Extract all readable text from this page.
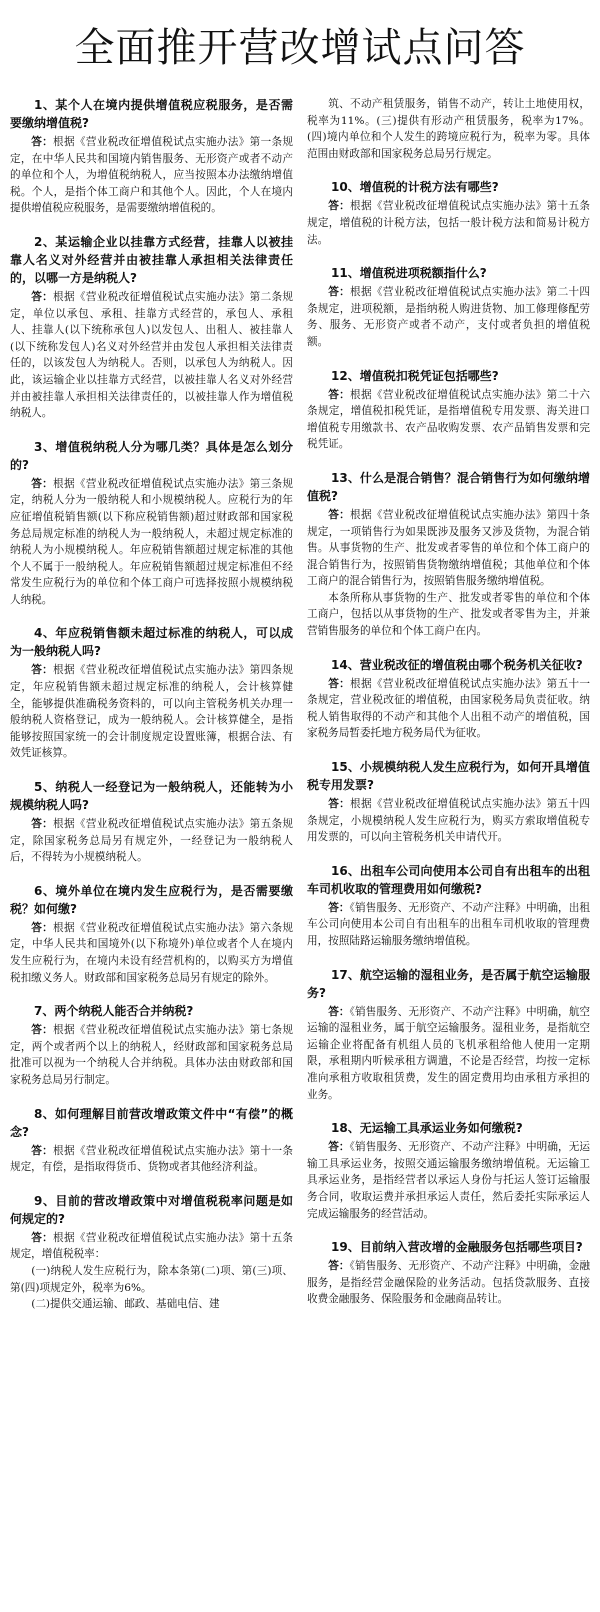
全面推开营改增试点问答

1、某个人在境内提供增值税应税服务，是否需要缴纳增值税?

答：根据《营业税改征增值税试点实施办法》第一条规定，在中华人民共和国境内销售服务、无形资产或者不动产的单位和个人，为增值税纳税人，应当按照本办法缴纳增值税。个人，是指个体工商户和其他个人。因此，个人在境内提供增值税应税服务，是需要缴纳增值税的。

2、某运输企业以挂靠方式经营，挂靠人以被挂靠人名义对外经营并由被挂靠人承担相关法律责任的，以哪一方是纳税人?

答：根据《营业税改征增值税试点实施办法》第二条规定，单位以承包、承租、挂靠方式经营的，承包人、承租人、挂靠人(以下统称承包人)以发包人、出租人、被挂靠人(以下统称发包人)名义对外经营并由发包人承担相关法律责任的，以该发包人为纳税人。否则，以承包人为纳税人。因此，该运输企业以挂靠方式经营，以被挂靠人名义对外经营并由被挂靠人承担相关法律责任的，以被挂靠人作为增值税纳税人。

3、增值税纳税人分为哪几类？具体是怎么划分的?

答：根据《营业税改征增值税试点实施办法》第三条规定，纳税人分为一般纳税人和小规模纳税人。应税行为的年应征增值税销售额(以下称应税销售额)超过财政部和国家税务总局规定标准的纳税人为一般纳税人，未超过规定标准的纳税人为小规模纳税人。年应税销售额超过规定标准的其他个人不属于一般纳税人。年应税销售额超过规定标准但不经常发生应税行为的单位和个体工商户可选择按照小规模纳税人纳税。

4、年应税销售额未超过标准的纳税人，可以成为一般纳税人吗?

答：根据《营业税改征增值税试点实施办法》第四条规定，年应税销售额未超过规定标准的纳税人，会计核算健全，能够提供准确税务资料的，可以向主管税务机关办理一般纳税人资格登记，成为一般纳税人。会计核算健全，是指能够按照国家统一的会计制度规定设置账簿，根据合法、有效凭证核算。

5、纳税人一经登记为一般纳税人，还能转为小规模纳税人吗?

答：根据《营业税改征增值税试点实施办法》第五条规定，除国家税务总局另有规定外，一经登记为一般纳税人后，不得转为小规模纳税人。

6、境外单位在境内发生应税行为，是否需要缴税？如何缴?

答：根据《营业税改征增值税试点实施办法》第六条规定，中华人民共和国境外(以下称境外)单位或者个人在境内发生应税行为，在境内未设有经营机构的，以购买方为增值税扣缴义务人。财政部和国家税务总局另有规定的除外。

7、两个纳税人能否合并纳税?

答：根据《营业税改征增值税试点实施办法》第七条规定，两个或者两个以上的纳税人，经财政部和国家税务总局批准可以视为一个纳税人合并纳税。具体办法由财政部和国家税务总局另行制定。

8、如何理解目前营改增政策文件中“有偿”的概念?

答：根据《营业税改征增值税试点实施办法》第十一条规定，有偿，是指取得货币、货物或者其他经济利益。

9、目前的营改增政策中对增值税税率问题是如何规定的?

答：根据《营业税改征增值税试点实施办法》第十五条规定，增值税税率：

(一)纳税人发生应税行为，除本条第(二)项、第(三)项、第(四)项规定外，税率为6%。

(二)提供交通运输、邮政、基础电信、建

筑、不动产租赁服务，销售不动产，转让土地使用权，税率为11%。(三)提供有形动产租赁服务，税率为17%。(四)境内单位和个人发生的跨境应税行为，税率为零。具体范围由财政部和国家税务总局另行规定。

10、增值税的计税方法有哪些?

答：根据《营业税改征增值税试点实施办法》第十五条规定，增值税的计税方法，包括一般计税方法和简易计税方法。

11、增值税进项税额指什么?

答：根据《营业税改征增值税试点实施办法》第二十四条规定，进项税额，是指纳税人购进货物、加工修理修配劳务、服务、无形资产或者不动产，支付或者负担的增值税额。

12、增值税扣税凭证包括哪些?

答：根据《营业税改征增值税试点实施办法》第二十六条规定，增值税扣税凭证，是指增值税专用发票、海关进口增值税专用缴款书、农产品收购发票、农产品销售发票和完税凭证。

13、什么是混合销售？混合销售行为如何缴纳增值税?

答：根据《营业税改征增值税试点实施办法》第四十条规定，一项销售行为如果既涉及服务又涉及货物，为混合销售。从事货物的生产、批发或者零售的单位和个体工商户的混合销售行为，按照销售货物缴纳增值税；其他单位和个体工商户的混合销售行为，按照销售服务缴纳增值税。

本条所称从事货物的生产、批发或者零售的单位和个体工商户，包括以从事货物的生产、批发或者零售为主，并兼营销售服务的单位和个体工商户在内。

14、营业税改征的增值税由哪个税务机关征收?

答：根据《营业税改征增值税试点实施办法》第五十一条规定，营业税改征的增值税，由国家税务局负责征收。纳税人销售取得的不动产和其他个人出租不动产的增值税，国家税务局暂委托地方税务局代为征收。

15、小规模纳税人发生应税行为，如何开具增值税专用发票?

答：根据《营业税改征增值税试点实施办法》第五十四条规定，小规模纳税人发生应税行为，购买方索取增值税专用发票的，可以向主管税务机关申请代开。

16、出租车公司向使用本公司自有出租车的出租车司机收取的管理费用如何缴税?

答：《销售服务、无形资产、不动产注释》中明确，出租车公司向使用本公司自有出租车的出租车司机收取的管理费用，按照陆路运输服务缴纳增值税。

17、航空运输的湿租业务，是否属于航空运输服务?

答：《销售服务、无形资产、不动产注释》中明确，航空运输的湿租业务，属于航空运输服务。湿租业务，是指航空运输企业将配备有机组人员的飞机承租给他人使用一定期限，承租期内听候承租方调遣，不论是否经营，均按一定标准向承租方收取租赁费，发生的固定费用均由承租方承担的业务。

18、无运输工具承运业务如何缴税?

答：《销售服务、无形资产、不动产注释》中明确，无运输工具承运业务，按照交通运输服务缴纳增值税。无运输工具承运业务，是指经营者以承运人身份与托运人签订运输服务合同，收取运费并承担承运人责任，然后委托实际承运人完成运输服务的经营活动。

19、目前纳入营改增的金融服务包括哪些项目?

答：《销售服务、无形资产、不动产注释》中明确，金融服务，是指经营金融保险的业务活动。包括贷款服务、直接收费金融服务、保险服务和金融商品转让。
